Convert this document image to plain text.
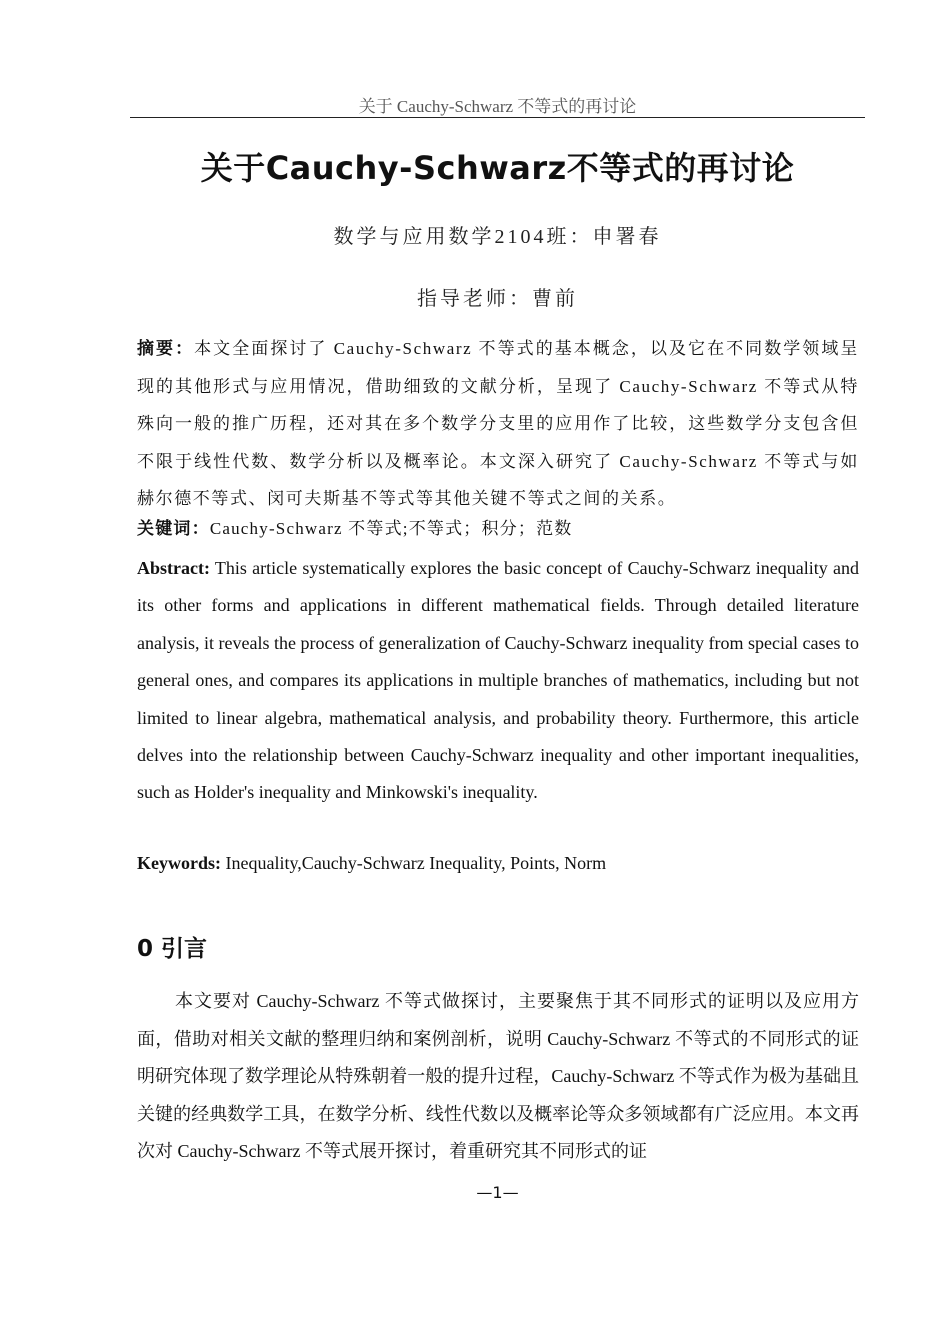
关于 Cauchy-Schwarz 不等式的再讨论
关于Cauchy-Schwarz不等式的再讨论
数学与应用数学2104班：申署春
指导老师：曹前
摘要：本文全面探讨了 Cauchy-Schwarz 不等式的基本概念，以及它在不同数学领域呈现的其他形式与应用情况，借助细致的文献分析，呈现了 Cauchy-Schwarz 不等式从特殊向一般的推广历程，还对其在多个数学分支里的应用作了比较，这些数学分支包含但不限于线性代数、数学分析以及概率论。本文深入研究了 Cauchy-Schwarz 不等式与如赫尔德不等式、闵可夫斯基不等式等其他关键不等式之间的关系。
关键词：Cauchy-Schwarz 不等式;不等式；积分；范数
Abstract: This article systematically explores the basic concept of Cauchy-Schwarz inequality and its other forms and applications in different mathematical fields. Through detailed literature analysis, it reveals the process of generalization of Cauchy-Schwarz inequality from special cases to general ones, and compares its applications in multiple branches of mathematics, including but not limited to linear algebra, mathematical analysis, and probability theory. Furthermore, this article delves into the relationship between Cauchy-Schwarz inequality and other important inequalities, such as Holder's inequality and Minkowski's inequality.
Keywords: Inequality,Cauchy-Schwarz Inequality, Points, Norm
0 引言
本文要对 Cauchy-Schwarz 不等式做探讨，主要聚焦于其不同形式的证明以及应用方面，借助对相关文献的整理归纳和案例剖析，说明 Cauchy-Schwarz 不等式的不同形式的证明研究体现了数学理论从特殊朝着一般的提升过程，Cauchy-Schwarz 不等式作为极为基础且关键的经典数学工具，在数学分析、线性代数以及概率论等众多领域都有广泛应用。本文再次对 Cauchy-Schwarz 不等式展开探讨，着重研究其不同形式的证
—1—
